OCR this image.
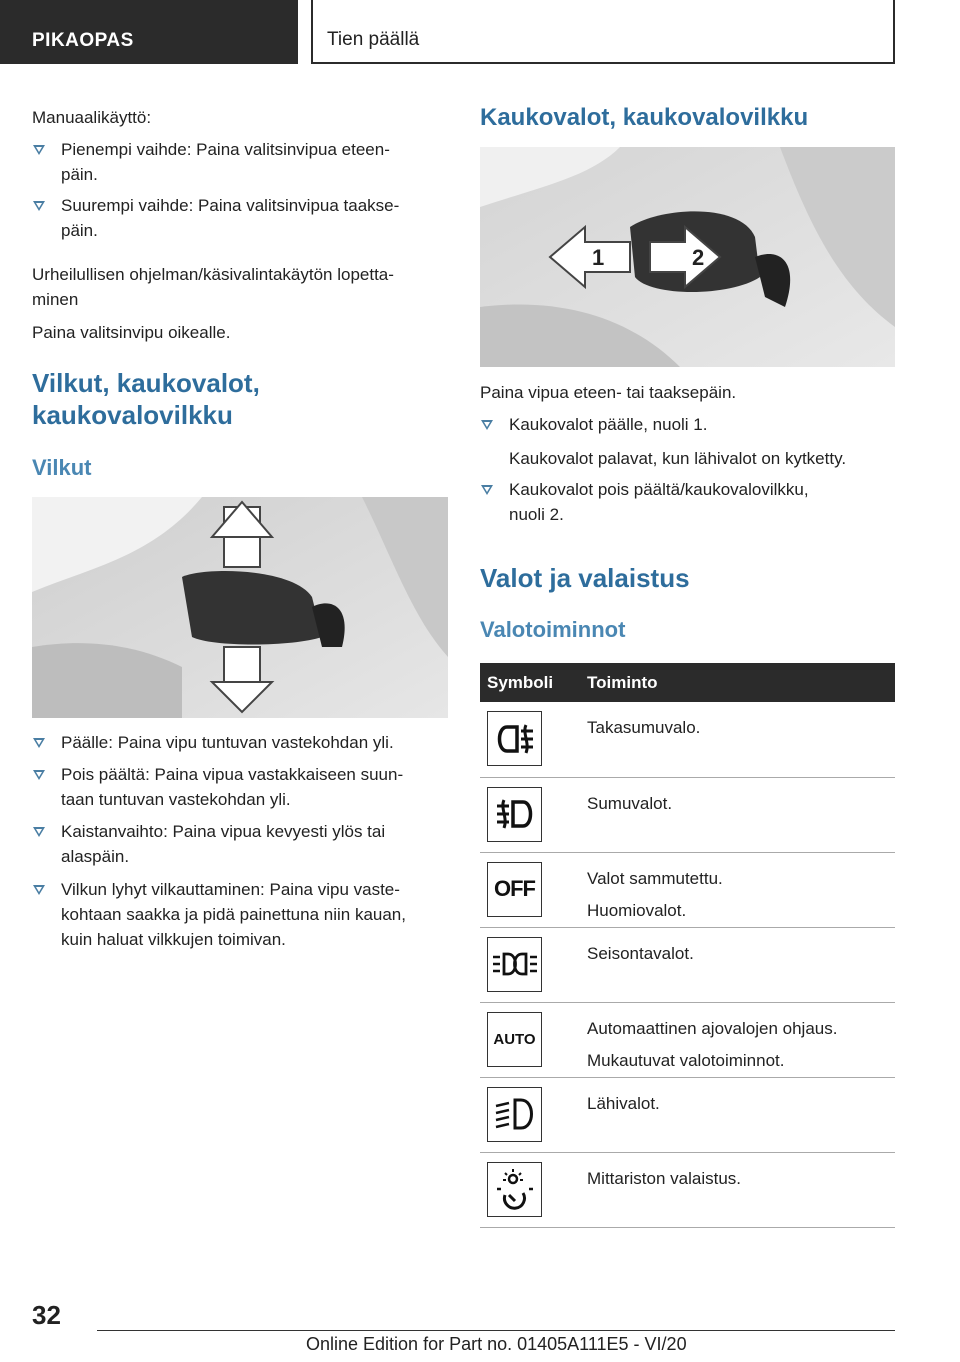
PIKAOPAS	Tien päällä
Manuaalikäyttö:
Pienempi vaihde: Paina valitsinvipua eteen-
päin.
Suurempi vaihde: Paina valitsinvipua taakse-
päin.
Urheilullisen ohjelman/käsivalintakäytön lopetta-
minen
Paina valitsinvipu oikealle.
Vilkut, kaukovalot,
kaukovalovilkku
Vilkut
Päälle: Paina vipu tuntuvan vastekohdan yli.
Pois päältä: Paina vipua vastakkaiseen suun-
taan tuntuvan vastekohdan yli.
Kaistanvaihto: Paina vipua kevyesti ylös tai
alaspäin.
Vilkun lyhyt vilkauttaminen: Paina vipu vaste-
kohtaan saakka ja pidä painettuna niin kauan,
kuin haluat vilkkujen toimivan.
Kaukovalot, kaukovalovilkku
1	2
Paina vipua eteen- tai taaksepäin.
Kaukovalot päälle, nuoli 1.
Kaukovalot palavat, kun lähivalot on kytketty.
Kaukovalot pois päältä/kaukovalovilkku,
nuoli 2.
Valot ja valaistus
Valotoiminnot
Symboli	Toiminto

Takasumuvalo.

Sumuvalot.

OFF	Valot sammutettu.
Huomiovalot.

Seisontavalot.

AUTO	Automaattinen ajovalojen ohjaus.
Mukautuvat valotoiminnot.

Lähivalot.

Mittariston valaistus.
32
Online Edition for Part no. 01405A111E5 - VI/20
